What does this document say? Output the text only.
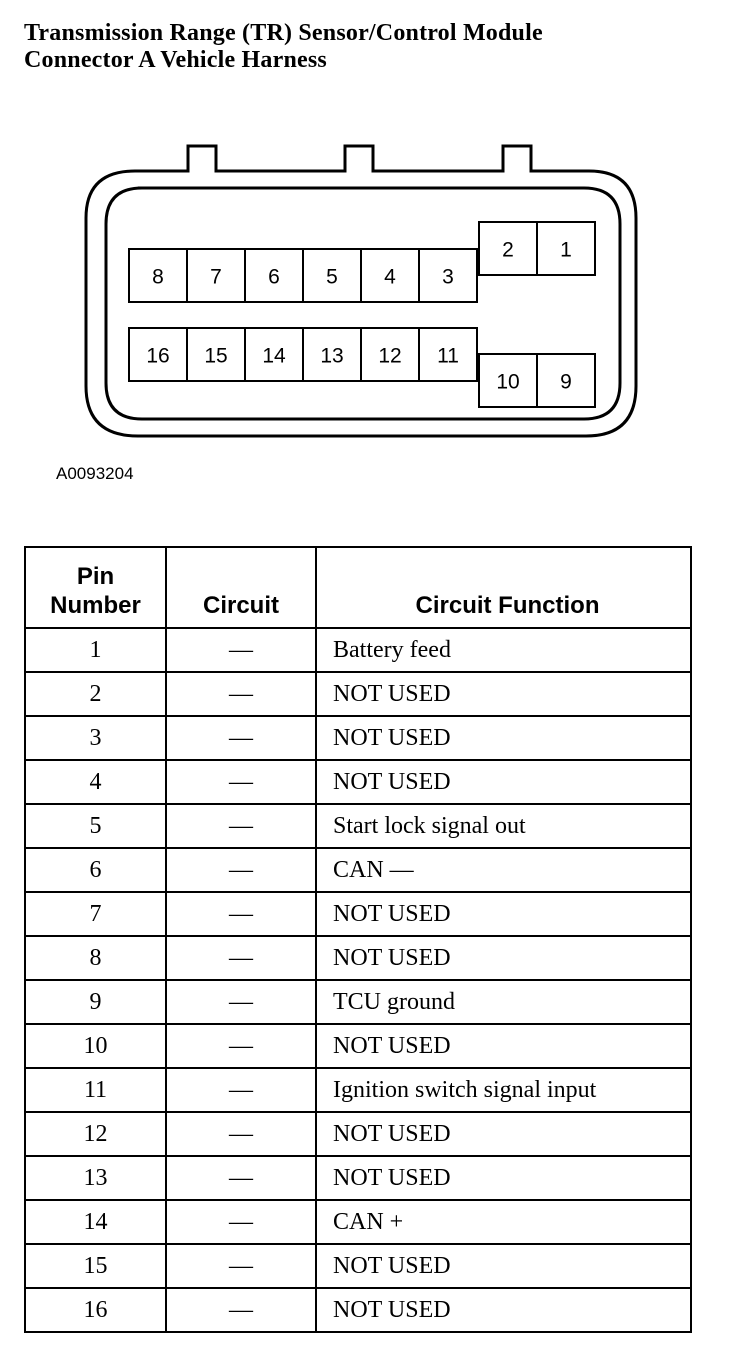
Transmission Range (TR) Sensor/Control Module
Connector A Vehicle Harness
8 7 6 5 4 3
2 1
16 15 14 13 12 11
10 9
A0093204
Pin
Number	Circuit	Circuit Function
1	—	Battery feed
2	—	NOT USED
3	—	NOT USED
4	—	NOT USED
5	—	Start lock signal out
6	—	CAN —
7	—	NOT USED
8	—	NOT USED
9	—	TCU ground
10	—	NOT USED
11	—	Ignition switch signal input
12	—	NOT USED
13	—	NOT USED
14	—	CAN +
15	—	NOT USED
16	—	NOT USED
